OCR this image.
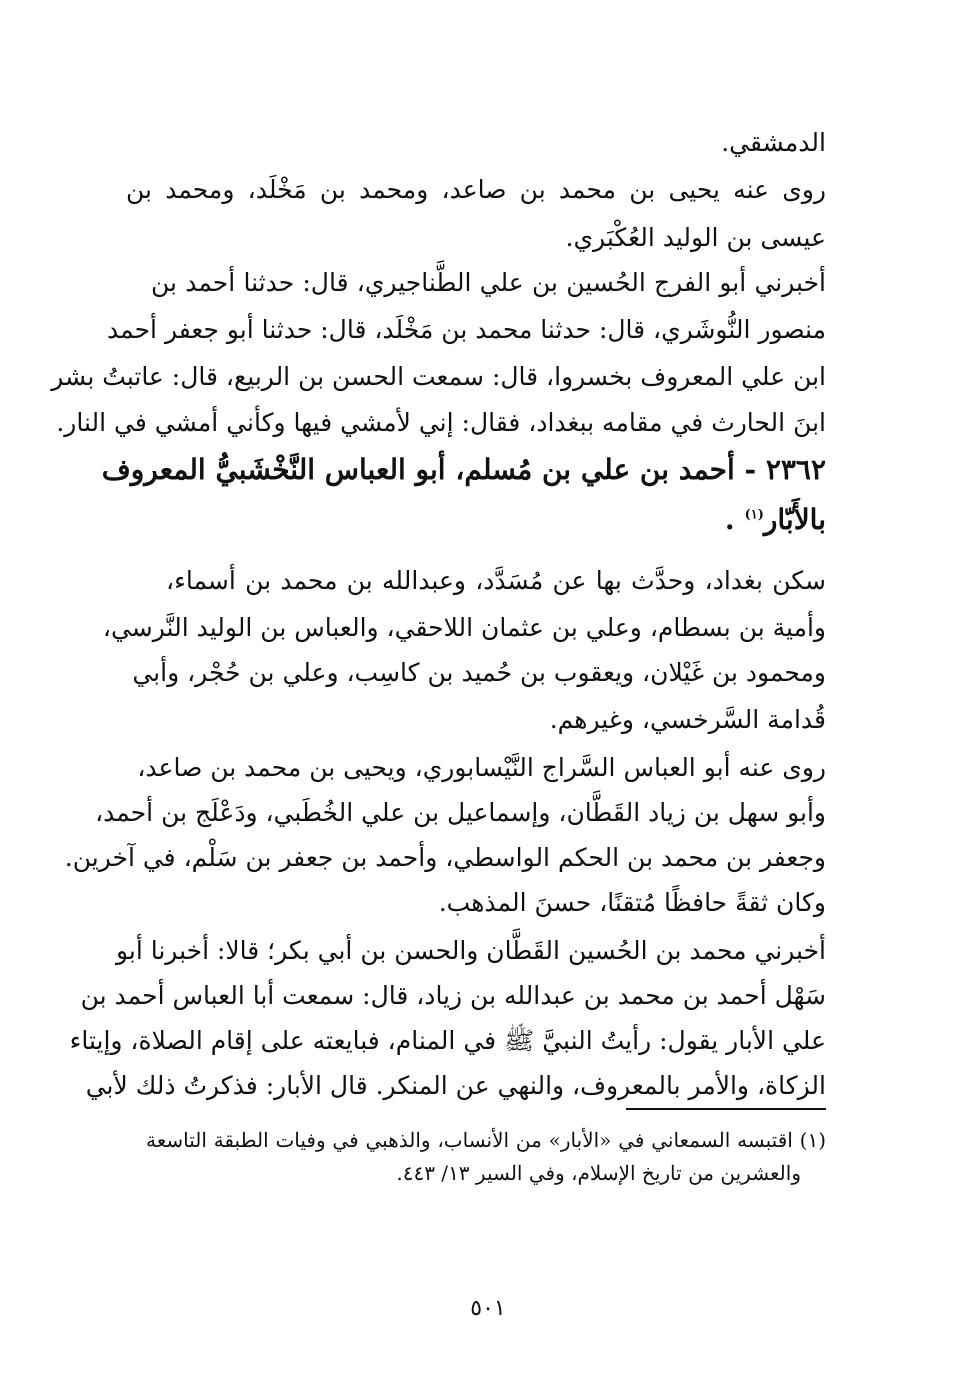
الدمشقي.
روى عنه يحيى بن محمد بن صاعد، ومحمد بن مَخْلَد، ومحمد بن
عيسى بن الوليد العُكْبَري.
أخبرني أبو الفرج الحُسين بن علي الطَّناجيري، قال: حدثنا أحمد بن
منصور النُّوشَري، قال: حدثنا محمد بن مَخْلَد، قال: حدثنا أبو جعفر أحمد
ابن علي المعروف بخسروا، قال: سمعت الحسن بن الربيع، قال: عاتبتُ بشر
ابنَ الحارث في مقامه ببغداد، فقال: إني لأمشي فيها وكأني أمشي في النار.
٢٣٦٢ - أحمد بن علي بن مُسلم، أبو العباس النَّخْشَبيُّ المعروف
بالأَبّار$^{(١)}$.
سكن بغداد، وحدَّث بها عن مُسَدَّد، وعبدالله بن محمد بن أسماء،
وأمية بن بسطام، وعلي بن عثمان اللاحقي، والعباس بن الوليد النَّرسي،
ومحمود بن غَيْلان، ويعقوب بن حُميد بن كاسِب، وعلي بن حُجْر، وأبي
قُدامة السَّرخسي، وغيرهم.
روى عنه أبو العباس السَّراج النَّيْسابوري، ويحيى بن محمد بن صاعد،
وأبو سهل بن زياد القَطَّان، وإسماعيل بن علي الخُطَبي، ودَعْلَج بن أحمد،
وجعفر بن محمد بن الحكم الواسطي، وأحمد بن جعفر بن سَلْم، في آخرين.
وكان ثقةً حافظًا مُتقنًا، حسنَ المذهب.
أخبرني محمد بن الحُسين القَطَّان والحسن بن أبي بكر؛ قالا: أخبرنا أبو
سَهْل أحمد بن محمد بن عبدالله بن زياد، قال: سمعت أبا العباس أحمد بن
علي الأبار يقول: رأيتُ النبيَّ ﷺ في المنام، فبايعته على إقام الصلاة، وإيتاء
الزكاة، والأمر بالمعروف، والنهي عن المنكر. قال الأبار: فذكرتُ ذلك لأبي
(١) اقتبسه السمعاني في «الأبار» من الأنساب، والذهبي في وفيات الطبقة التاسعة
والعشرين من تاريخ الإسلام، وفي السير ١٣/ ٤٤٣.
٥٠١
